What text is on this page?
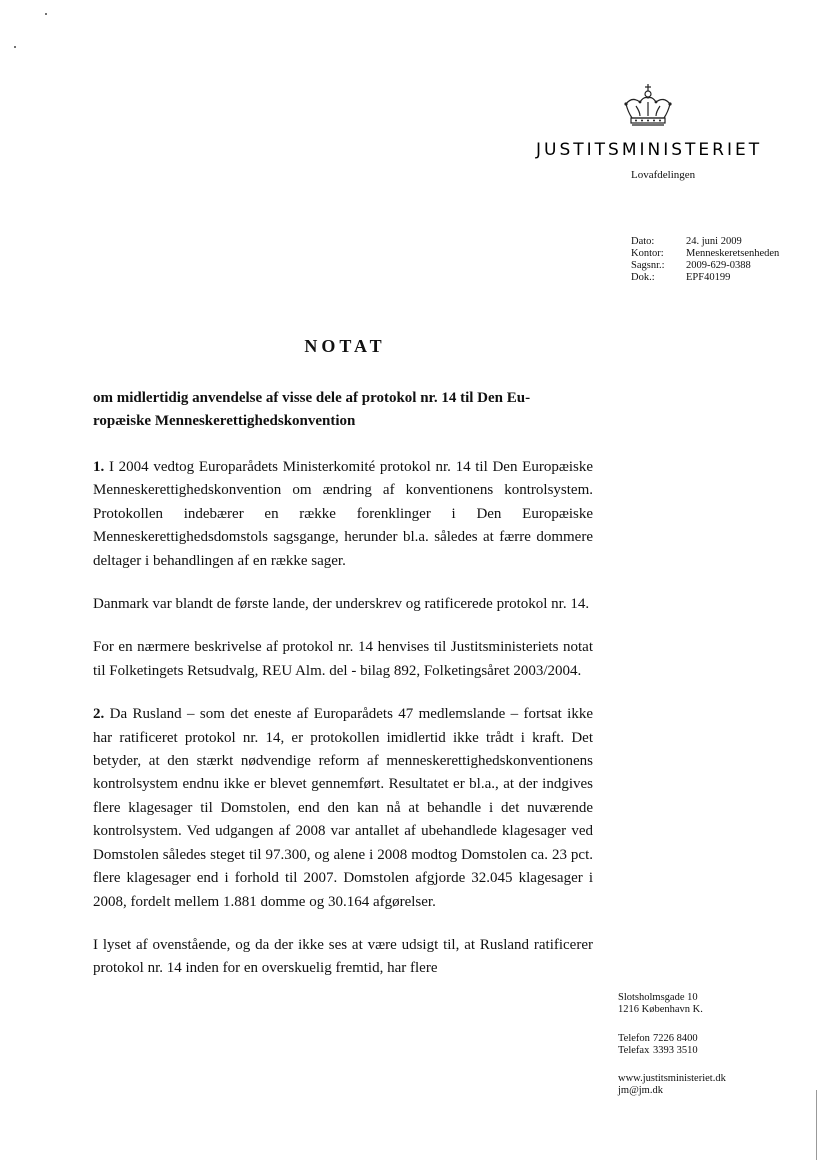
JUSTITSMINISTERIET
Lovafdelingen
Dato:	24. juni 2009
Kontor:	Menneskeretsenheden
Sagsnr.:	2009-629-0388
Dok.:	EPF40199
NOTAT
om midlertidig anvendelse af visse dele af protokol nr. 14 til Den Eu-
ropæiske Menneskerettighedskonvention

1. I 2004 vedtog Europarådets Ministerkomité protokol nr. 14 til Den Europæiske Menneskerettighedskonvention om ændring af konventionens kontrolsystem. Protokollen indebærer en række forenklinger i Den Europæiske Menneskerettighedsdomstols sagsgange, herunder bl.a. således at færre dommere deltager i behandlingen af en række sager.

Danmark var blandt de første lande, der underskrev og ratificerede protokol nr. 14.

For en nærmere beskrivelse af protokol nr. 14 henvises til Justitsministeriets notat til Folketingets Retsudvalg, REU Alm. del - bilag 892, Folketingsåret 2003/2004.

2. Da Rusland – som det eneste af Europarådets 47 medlemslande – fortsat ikke har ratificeret protokol nr. 14, er protokollen imidlertid ikke trådt i kraft. Det betyder, at den stærkt nødvendige reform af menneskerettighedskonventionens kontrolsystem endnu ikke er blevet gennemført. Resultatet er bl.a., at der indgives flere klagesager til Domstolen, end den kan nå at behandle i det nuværende kontrolsystem. Ved udgangen af 2008 var antallet af ubehandlede klagesager ved Domstolen således steget til 97.300, og alene i 2008 modtog Domstolen ca. 23 pct. flere klagesager end i forhold til 2007. Domstolen afgjorde 32.045 klagesager i 2008, fordelt mellem 1.881 domme og 30.164 afgørelser.

I lyset af ovenstående, og da der ikke ses at være udsigt til, at Rusland ratificerer protokol nr. 14 inden for en overskuelig fremtid, har flere

Slotsholmsgade 10
1216 København K.
Telefon 7226 8400
Telefax 3393 3510
www.justitsministeriet.dk
jm@jm.dk
